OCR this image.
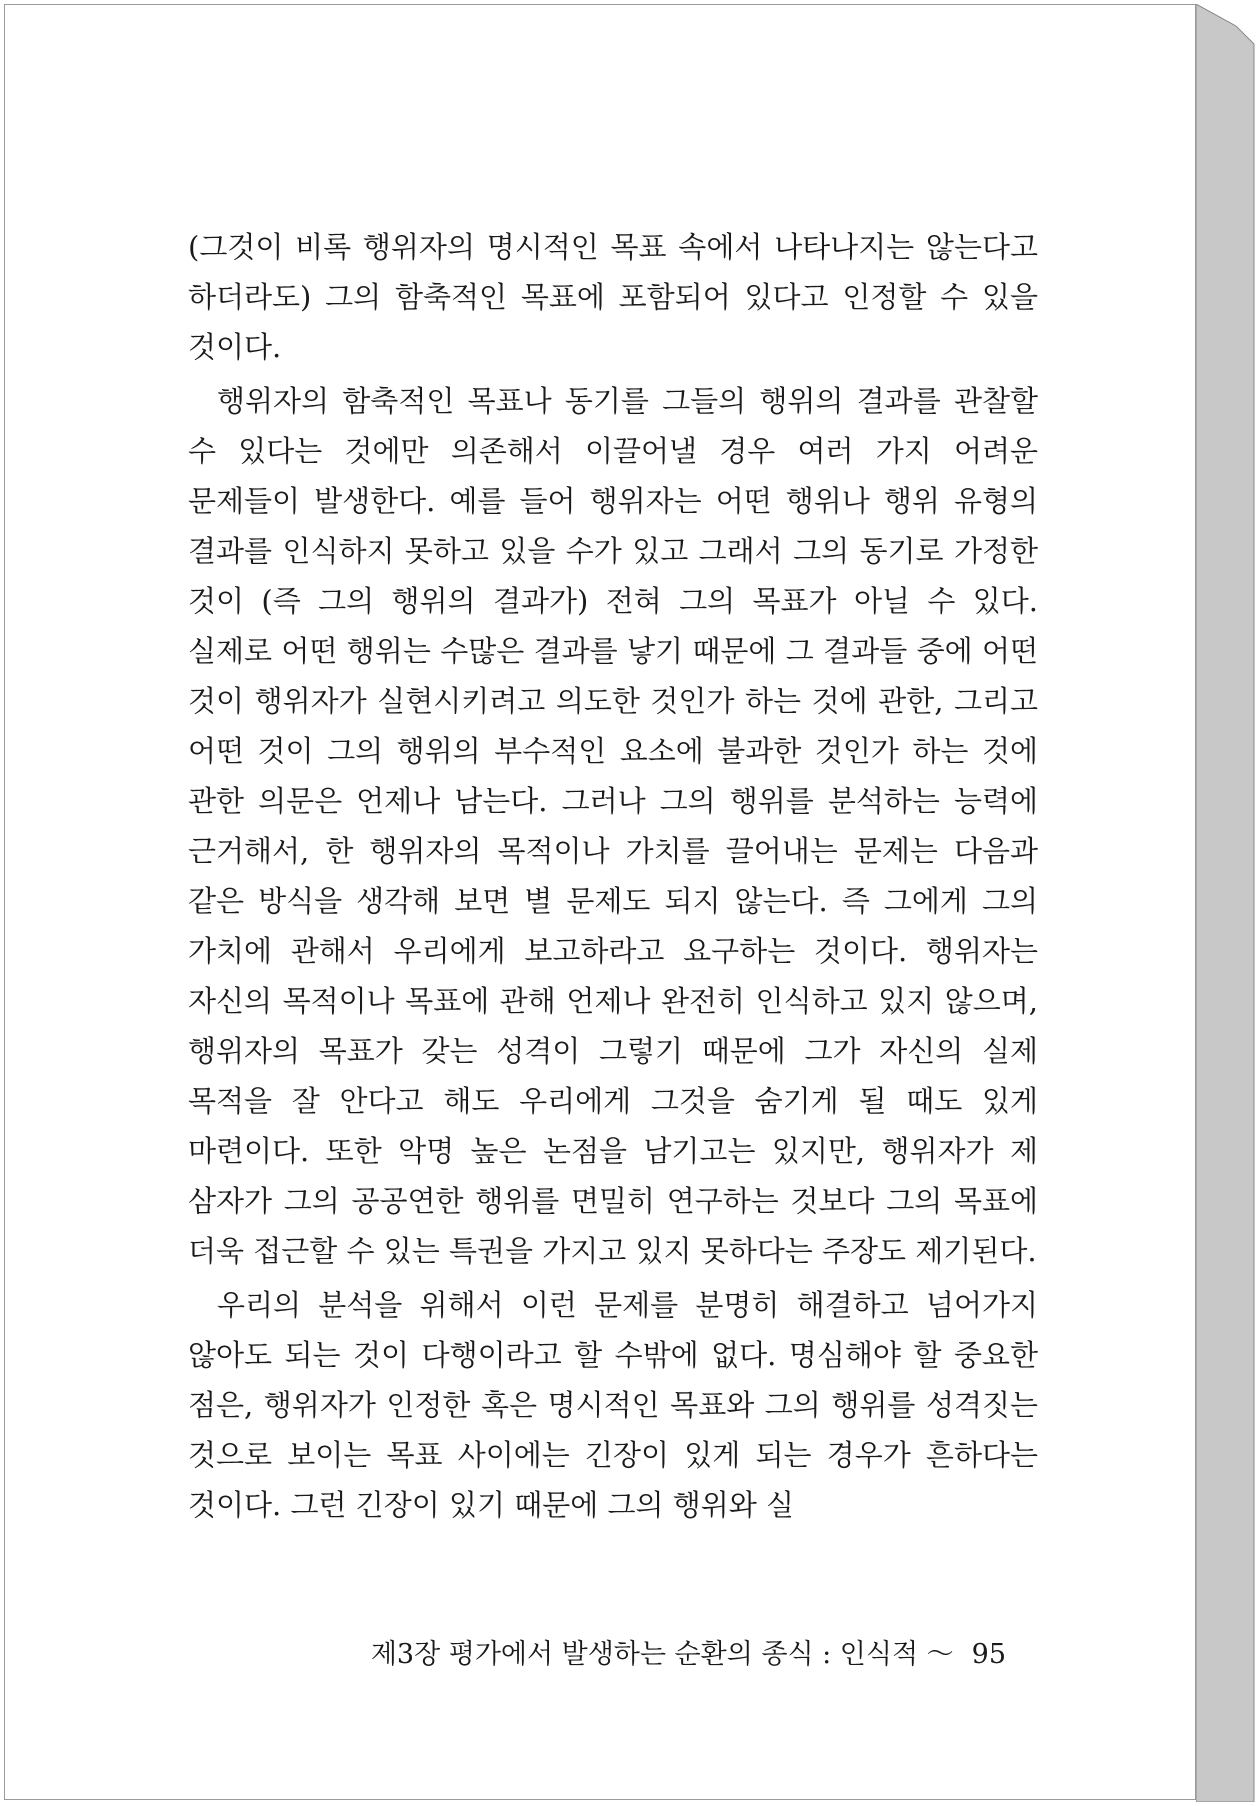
(그것이 비록 행위자의 명시적인 목표 속에서 나타나지는 않는다고 하더라도) 그의 함축적인 목표에 포함되어 있다고 인정할 수 있을 것이다.

행위자의 함축적인 목표나 동기를 그들의 행위의 결과를 관찰할 수 있다는 것에만 의존해서 이끌어낼 경우 여러 가지 어려운 문제들이 발생한다. 예를 들어 행위자는 어떤 행위나 행위 유형의 결과를 인식하지 못하고 있을 수가 있고 그래서 그의 동기로 가정한 것이 (즉 그의 행위의 결과가) 전혀 그의 목표가 아닐 수 있다. 실제로 어떤 행위는 수많은 결과를 낳기 때문에 그 결과들 중에 어떤 것이 행위자가 실현시키려고 의도한 것인가 하는 것에 관한, 그리고 어떤 것이 그의 행위의 부수적인 요소에 불과한 것인가 하는 것에 관한 의문은 언제나 남는다. 그러나 그의 행위를 분석하는 능력에 근거해서, 한 행위자의 목적이나 가치를 끌어내는 문제는 다음과 같은 방식을 생각해 보면 별 문제도 되지 않는다. 즉 그에게 그의 가치에 관해서 우리에게 보고하라고 요구하는 것이다. 행위자는 자신의 목적이나 목표에 관해 언제나 완전히 인식하고 있지 않으며, 행위자의 목표가 갖는 성격이 그렇기 때문에 그가 자신의 실제 목적을 잘 안다고 해도 우리에게 그것을 숨기게 될 때도 있게 마련이다. 또한 악명 높은 논점을 남기고는 있지만, 행위자가 제 삼자가 그의 공공연한 행위를 면밀히 연구하는 것보다 그의 목표에 더욱 접근할 수 있는 특권을 가지고 있지 못하다는 주장도 제기된다.

우리의 분석을 위해서 이런 문제를 분명히 해결하고 넘어가지 않아도 되는 것이 다행이라고 할 수밖에 없다. 명심해야 할 중요한 점은, 행위자가 인정한 혹은 명시적인 목표와 그의 행위를 성격짓는 것으로 보이는 목표 사이에는 긴장이 있게 되는 경우가 흔하다는 것이다. 그런 긴장이 있기 때문에 그의 행위와 실

제3장 평가에서 발생하는 순환의 종식 : 인식적 ～ 95
